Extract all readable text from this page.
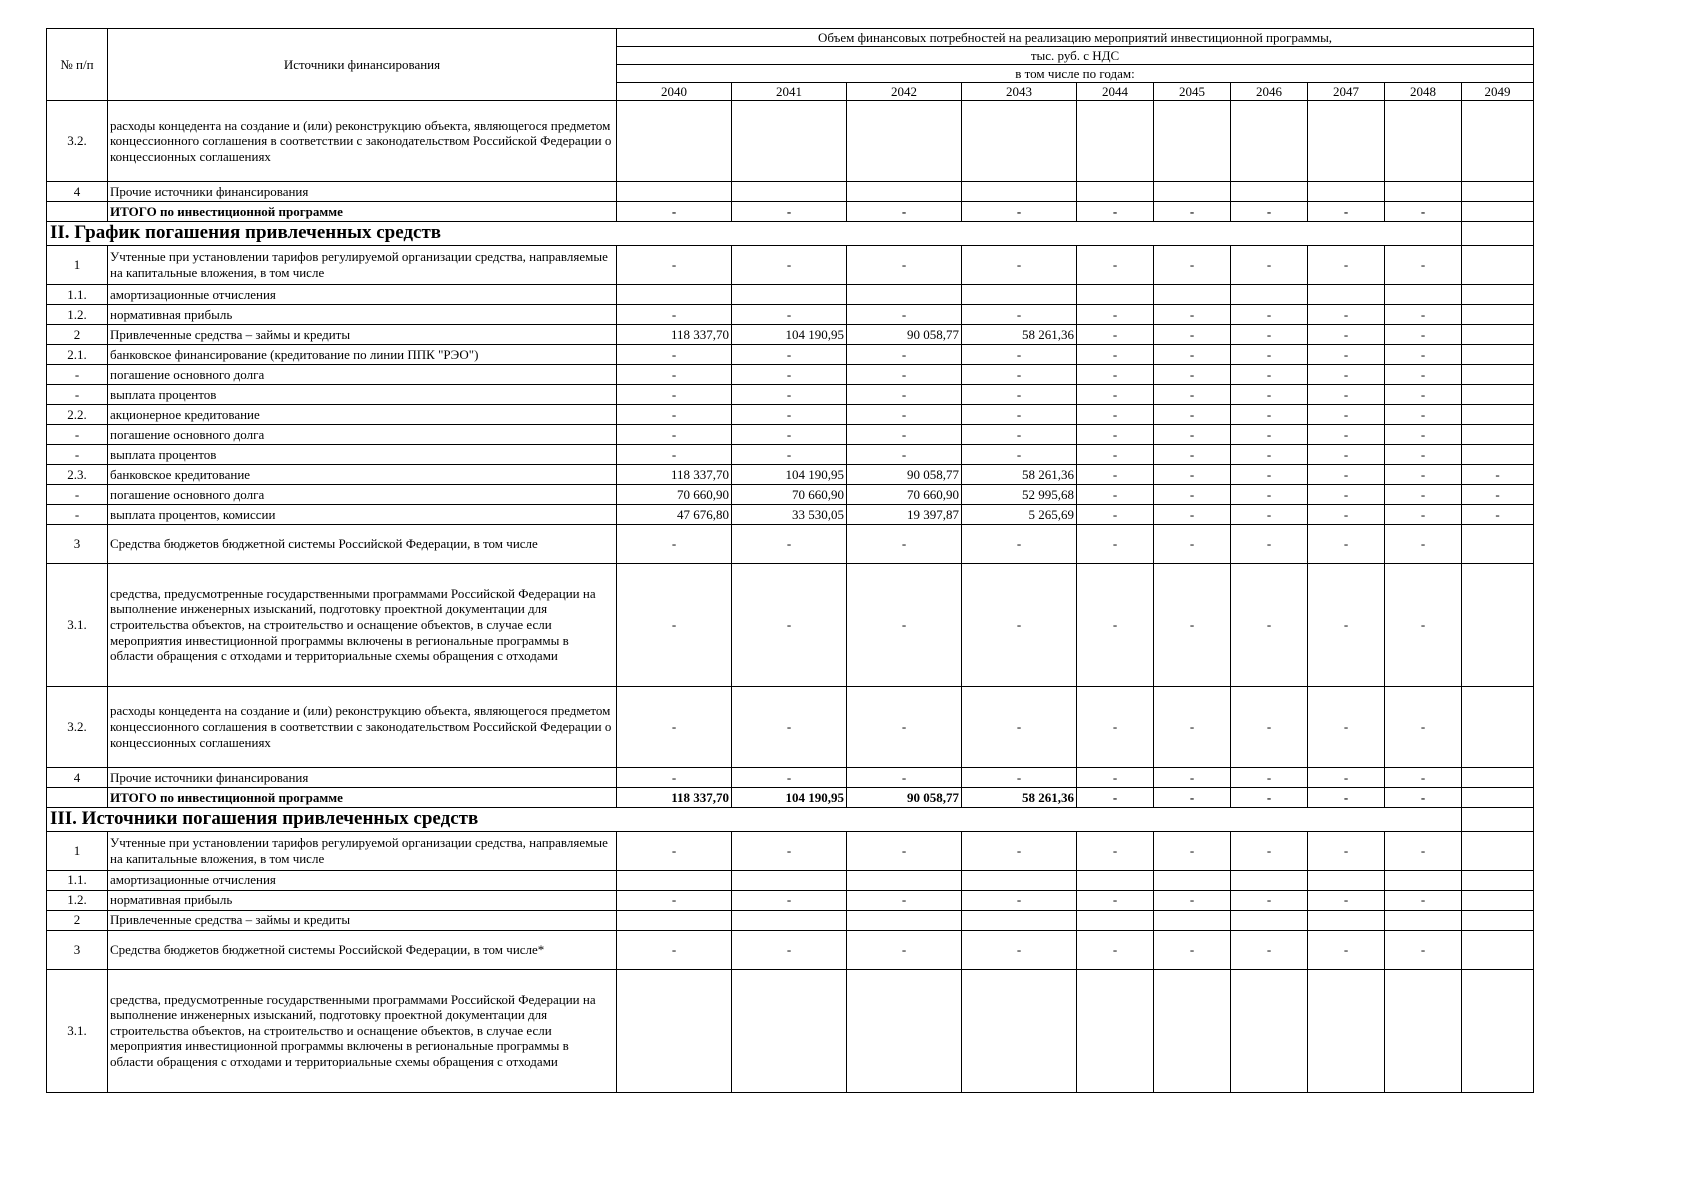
№ п/п	Источники финансирования	Объем финансовых потребностей на реализацию мероприятий инвестиционной программы,									
		тыс. руб. с НДС									
		в том числе по годам:									
		2040	2041	2042	2043	2044	2045	2046	2047	2048	2049
3.2.	расходы концедента на создание и (или) реконструкцию объекта, являющегося предметом концессионного соглашения в соответствии с законодательством Российской Федерации о концессионных соглашениях										
4	Прочие источники финансирования										
	ИТОГО по инвестиционной программе	-	-	-	-	-	-	-	-	-	
II. График погашения привлеченных средств											
1	Учтенные при установлении тарифов регулируемой организации средства, направляемые на капитальные вложения, в том числе	-	-	-	-	-	-	-	-	-	
1.1.	амортизационные отчисления										
1.2.	нормативная прибыль	-	-	-	-	-	-	-	-	-	
2	Привлеченные средства – займы и кредиты	118 337,70	104 190,95	90 058,77	58 261,36	-	-	-	-	-	
2.1.	банковское финансирование (кредитование по линии ППК "РЭО")	-	-	-	-	-	-	-	-	-	
-	погашение основного долга	-	-	-	-	-	-	-	-	-	
-	выплата процентов	-	-	-	-	-	-	-	-	-	
2.2.	акционерное кредитование	-	-	-	-	-	-	-	-	-	
-	погашение основного долга	-	-	-	-	-	-	-	-	-	
-	выплата процентов	-	-	-	-	-	-	-	-	-	
2.3.	банковское кредитование	118 337,70	104 190,95	90 058,77	58 261,36	-	-	-	-	-	-
-	погашение основного долга	70 660,90	70 660,90	70 660,90	52 995,68	-	-	-	-	-	-
-	выплата процентов, комиссии	47 676,80	33 530,05	19 397,87	5 265,69	-	-	-	-	-	-
3	Средства бюджетов бюджетной системы Российской Федерации, в том числе	-	-	-	-	-	-	-	-	-	
3.1.	средства, предусмотренные государственными программами Российской Федерации на выполнение инженерных изысканий, подготовку проектной документации для строительства объектов, на строительство и оснащение объектов, в случае если мероприятия инвестиционной программы включены в региональные программы в области обращения с отходами и территориальные схемы обращения с отходами	-	-	-	-	-	-	-	-	-	
3.2.	расходы концедента на создание и (или) реконструкцию объекта, являющегося предметом концессионного соглашения в соответствии с законодательством Российской Федерации о концессионных соглашениях	-	-	-	-	-	-	-	-	-	
4	Прочие источники финансирования	-	-	-	-	-	-	-	-	-	
	ИТОГО по инвестиционной программе	118 337,70	104 190,95	90 058,77	58 261,36	-	-	-	-	-	
III. Источники погашения привлеченных средств											
1	Учтенные при установлении тарифов регулируемой организации средства, направляемые на капитальные вложения, в том числе	-	-	-	-	-	-	-	-	-	
1.1.	амортизационные отчисления										
1.2.	нормативная прибыль	-	-	-	-	-	-	-	-	-	
2	Привлеченные средства – займы и кредиты										
3	Средства бюджетов бюджетной системы Российской Федерации, в том числе*	-	-	-	-	-	-	-	-	-	
3.1.	средства, предусмотренные государственными программами Российской Федерации на выполнение инженерных изысканий, подготовку проектной документации для строительства объектов, на строительство и оснащение объектов, в случае если мероприятия инвестиционной программы включены в региональные программы в области обращения с отходами и территориальные схемы обращения с отходами										
